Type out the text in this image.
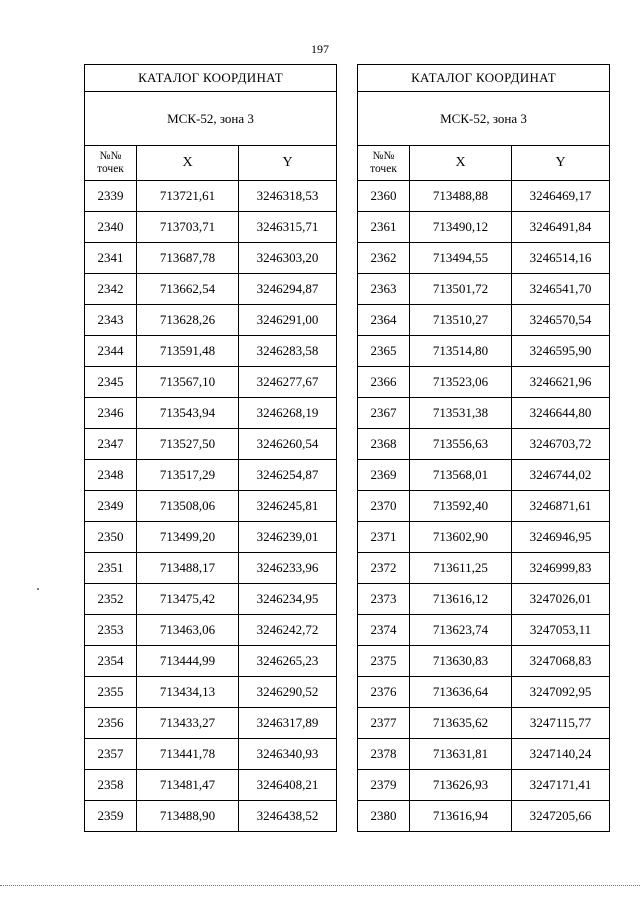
197
КАТАЛОГ КООРДИНАТ		
МСК-52, зона 3		
№№ точек	X	Y
2339	713721,61	3246318,53
2340	713703,71	3246315,71
2341	713687,78	3246303,20
2342	713662,54	3246294,87
2343	713628,26	3246291,00
2344	713591,48	3246283,58
2345	713567,10	3246277,67
2346	713543,94	3246268,19
2347	713527,50	3246260,54
2348	713517,29	3246254,87
2349	713508,06	3246245,81
2350	713499,20	3246239,01
2351	713488,17	3246233,96
2352	713475,42	3246234,95
2353	713463,06	3246242,72
2354	713444,99	3246265,23
2355	713434,13	3246290,52
2356	713433,27	3246317,89
2357	713441,78	3246340,93
2358	713481,47	3246408,21
2359	713488,90	3246438,52
КАТАЛОГ КООРДИНАТ		
МСК-52, зона 3		
№№ точек	X	Y
2360	713488,88	3246469,17
2361	713490,12	3246491,84
2362	713494,55	3246514,16
2363	713501,72	3246541,70
2364	713510,27	3246570,54
2365	713514,80	3246595,90
2366	713523,06	3246621,96
2367	713531,38	3246644,80
2368	713556,63	3246703,72
2369	713568,01	3246744,02
2370	713592,40	3246871,61
2371	713602,90	3246946,95
2372	713611,25	3246999,83
2373	713616,12	3247026,01
2374	713623,74	3247053,11
2375	713630,83	3247068,83
2376	713636,64	3247092,95
2377	713635,62	3247115,77
2378	713631,81	3247140,24
2379	713626,93	3247171,41
2380	713616,94	3247205,66
